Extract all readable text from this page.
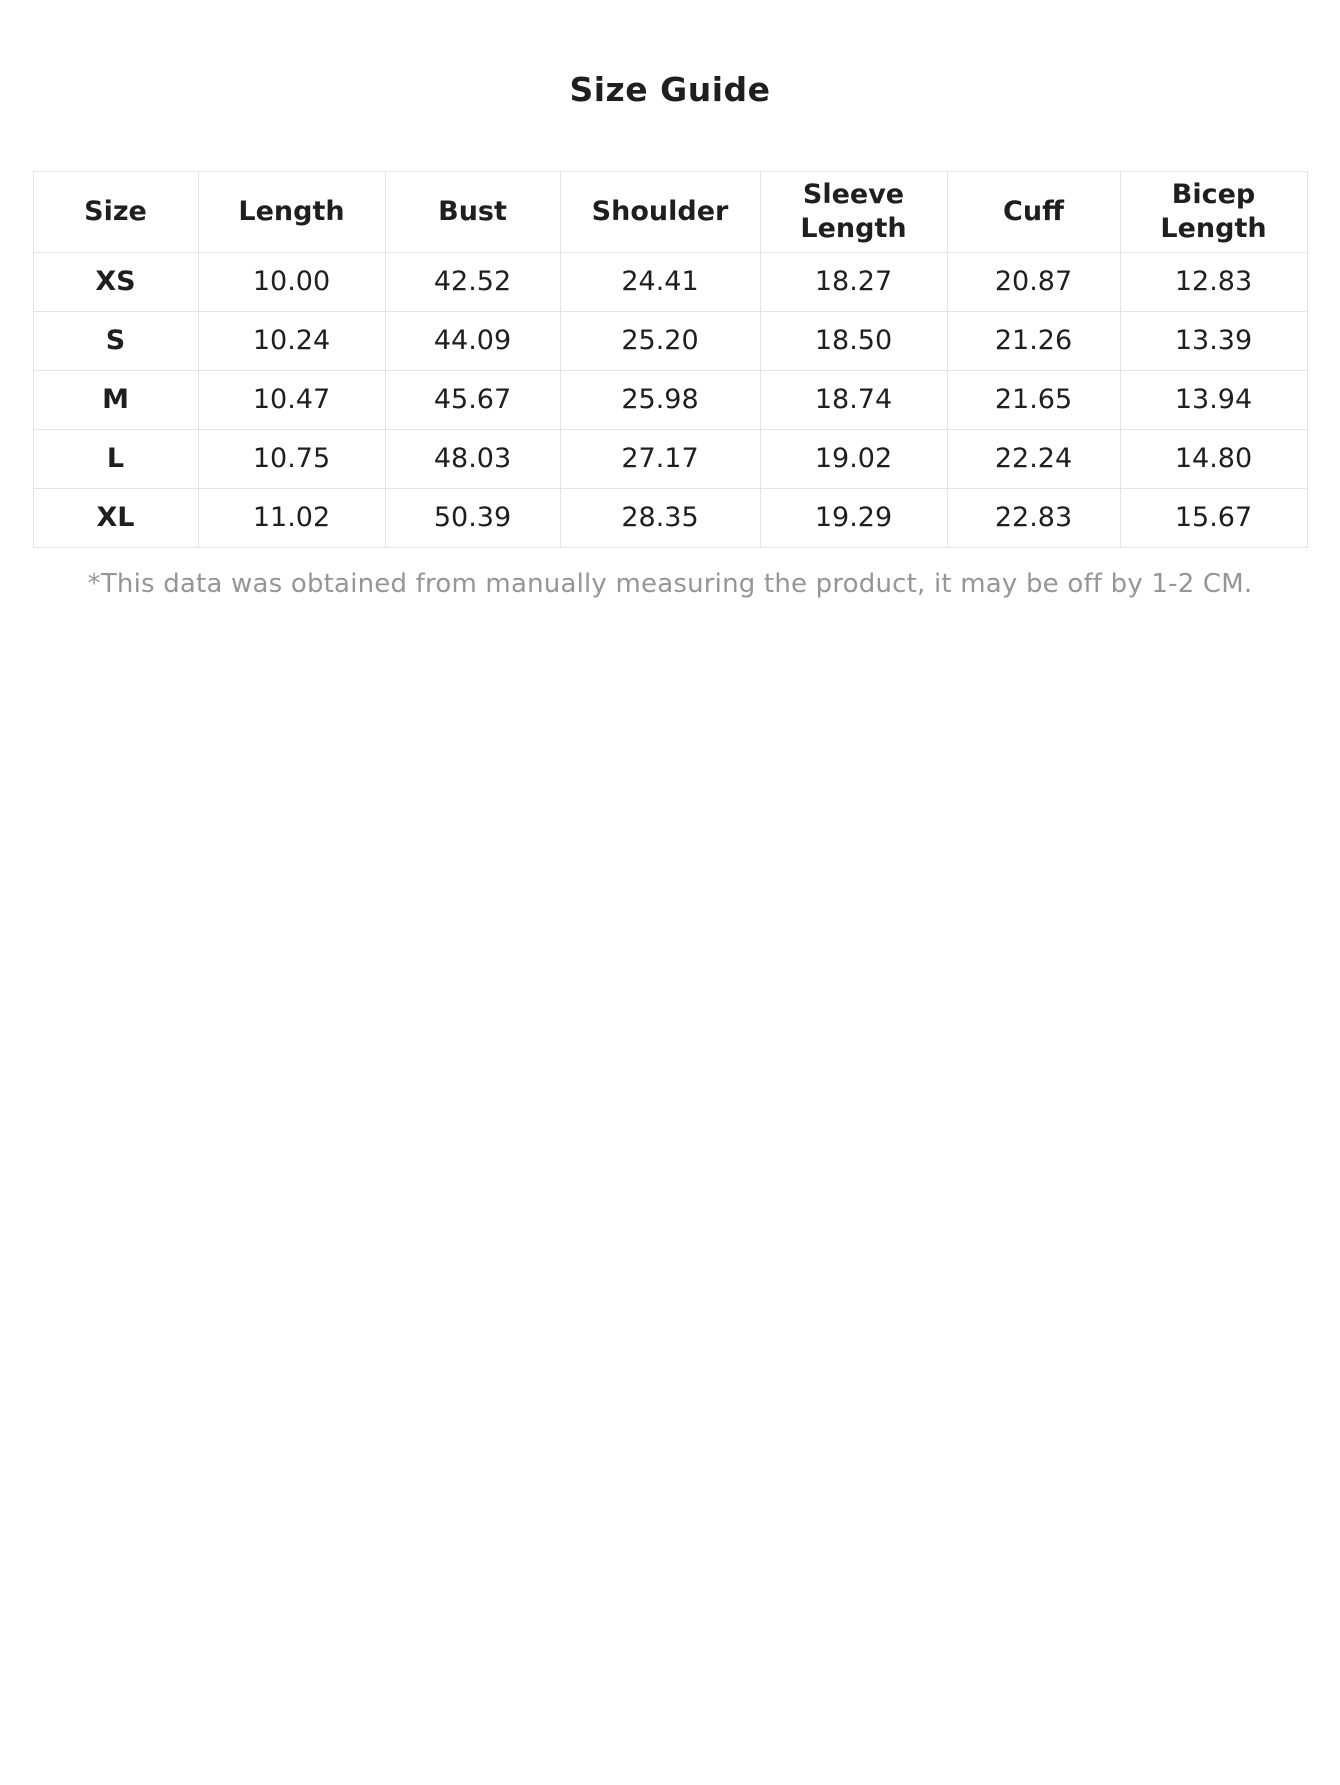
Size Guide
Size	Length	Bust	Shoulder	Sleeve Length	Cuff	Bicep Length
XS	10.00	42.52	24.41	18.27	20.87	12.83
S	10.24	44.09	25.20	18.50	21.26	13.39
M	10.47	45.67	25.98	18.74	21.65	13.94
L	10.75	48.03	27.17	19.02	22.24	14.80
XL	11.02	50.39	28.35	19.29	22.83	15.67

*This data was obtained from manually measuring the product, it may be off by 1-2 CM.
